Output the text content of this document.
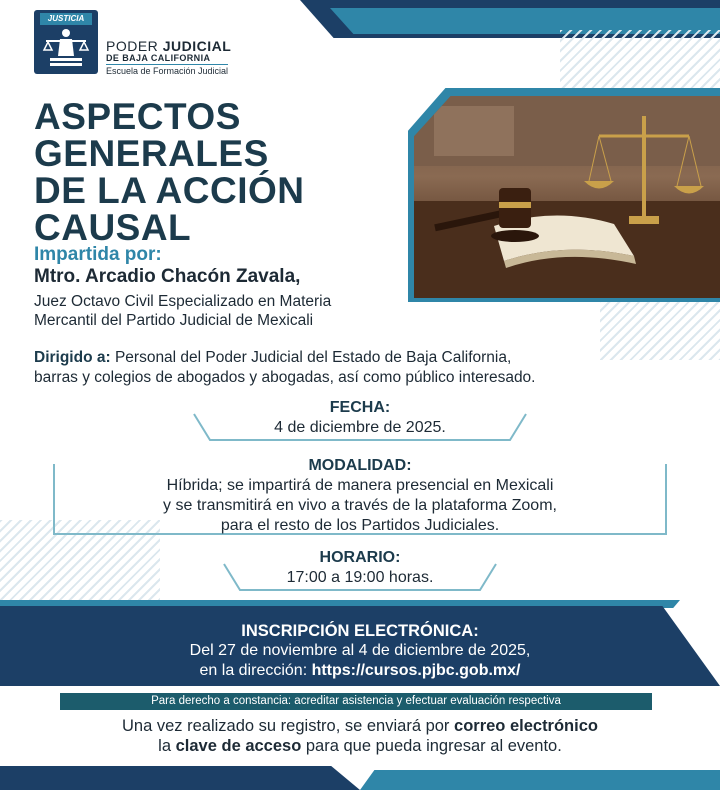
JUSTICIA
PODER JUDICIAL
DE BAJA CALIFORNIA
Escuela de Formación Judicial
ASPECTOS
GENERALES
DE LA ACCIÓN
CAUSAL
Impartida por:
Mtro. Arcadio Chacón Zavala,
Juez Octavo Civil Especializado en Materia
Mercantil del Partido Judicial de Mexicali
Dirigido a: Personal del Poder Judicial del Estado de Baja California,
barras y colegios de abogados y abogadas, así como público interesado.
FECHA:
4 de diciembre de 2025.
MODALIDAD:
Híbrida; se impartirá de manera presencial en Mexicali
y se transmitirá en vivo a través de la plataforma Zoom,
para el resto de los Partidos Judiciales.
HORARIO:
17:00 a 19:00 horas.
INSCRIPCIÓN ELECTRÓNICA:
Del 27 de noviembre al 4 de diciembre de 2025,
en la dirección: https://cursos.pjbc.gob.mx/
Para derecho a constancia: acreditar asistencia y efectuar evaluación respectiva
Una vez realizado su registro, se enviará por correo electrónico
la clave de acceso para que pueda ingresar al evento.
